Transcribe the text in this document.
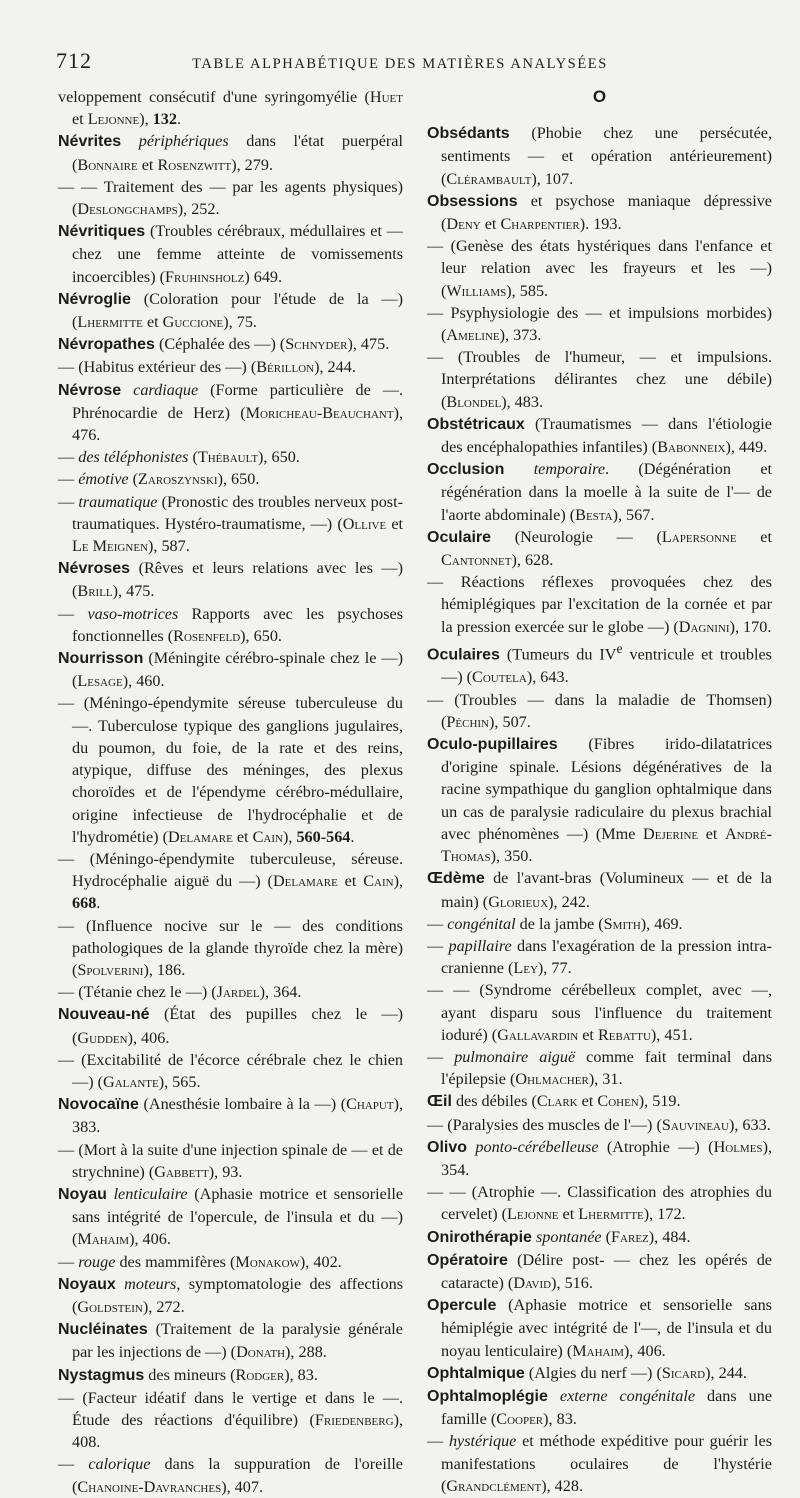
712	TABLE ALPHABÉTIQUE DES MATIÈRES ANALYSÉES

veloppement consécutif d'une syringomyélie (Huet et Lejonne), 132.

Névrites périphériques dans l'état puerpéral (Bonnaire et Rosenzwitt), 279.

— — Traitement des — par les agents physiques) (Deslongchamps), 252.

Névritiques (Troubles cérébraux, médullaires et — chez une femme atteinte de vomissements incoercibles) (Fruhinsholz) 649.

Névroglie (Coloration pour l'étude de la —) (Lhermitte et Guccione), 75.

Névropathes (Céphalée des —) (Schnyder), 475.

— (Habitus extérieur des —) (Bérillon), 244.

Névrose cardiaque (Forme particulière de —. Phrénocardie de Herz) (Moricheau-Beauchant), 476.

— des téléphonistes (Thébault), 650.

— émotive (Zaroszynski), 650.

— traumatique (Pronostic des troubles nerveux post-traumatiques. Hystéro-traumatisme, —) (Ollive et Le Meignen), 587.

Névroses (Rêves et leurs relations avec les —) (Brill), 475.

— vaso-motrices Rapports avec les psychoses fonctionnelles (Rosenfeld), 650.

Nourrisson (Méningite cérébro-spinale chez le —) (Lesage), 460.

— (Méningo-épendymite séreuse tuberculeuse du —. Tuberculose typique des ganglions jugulaires, du poumon, du foie, de la rate et des reins, atypique, diffuse des méninges, des plexus choroïdes et de l'épendyme cérébro-médullaire, origine infectieuse de l'hydrocéphalie et de l'hydrométie) (Delamare et Cain), 560-564.

— (Méningo-épendymite tuberculeuse, séreuse. Hydrocéphalie aiguë du —) (Delamare et Cain), 668.

— (Influence nocive sur le — des conditions pathologiques de la glande thyroïde chez la mère) (Spolverini), 186.

— (Tétanie chez le —) (Jardel), 364.

Nouveau-né (État des pupilles chez le —) (Gudden), 406.

— (Excitabilité de l'écorce cérébrale chez le chien —) (Galante), 565.

Novocaïne (Anesthésie lombaire à la —) (Chaput), 383.

— (Mort à la suite d'une injection spinale de — et de strychnine) (Gabbett), 93.

Noyau lenticulaire (Aphasie motrice et sensorielle sans intégrité de l'opercule, de l'insula et du —) (Mahaim), 406.

— rouge des mammifères (Monakow), 402.

Noyaux moteurs, symptomatologie des affections (Goldstein), 272.

Nucléinates (Traitement de la paralysie générale par les injections de —) (Donath), 288.

Nystagmus des mineurs (Rodger), 83.

— (Facteur idéatif dans le vertige et dans le —. Étude des réactions d'équilibre) (Friedenberg), 408.

— calorique dans la suppuration de l'oreille (Chanoine-Davranches), 407.

O

Obsédants (Phobie chez une persécutée, sentiments — et opération antérieurement) (Clérambault), 107.

Obsessions et psychose maniaque dépressive (Deny et Charpentier). 193.

— (Genèse des états hystériques dans l'enfance et leur relation avec les frayeurs et les —) (Williams), 585.

— Psyphysiologie des — et impulsions morbides) (Ameline), 373.

— (Troubles de l'humeur, — et impulsions. Interprétations délirantes chez une débile) (Blondel), 483.

Obstétricaux (Traumatismes — dans l'étiologie des encéphalopathies infantiles) (Babonneix), 449.

Occlusion temporaire. (Dégénération et régénération dans la moelle à la suite de l'— de l'aorte abdominale) (Besta), 567.

Oculaire (Neurologie — (Lapersonne et Cantonnet), 628.

— Réactions réflexes provoquées chez des hémiplégiques par l'excitation de la cornée et par la pression exercée sur le globe —) (Dagnini), 170.

Oculaires (Tumeurs du IVe ventricule et troubles —) (Coutela), 643.

— (Troubles — dans la maladie de Thomsen) (Péchin), 507.

Oculo-pupillaires (Fibres irido-dilatatrices d'origine spinale. Lésions dégénératives de la racine sympathique du ganglion ophtalmique dans un cas de paralysie radiculaire du plexus brachial avec phénomènes —) (Mme Dejerine et André-Thomas), 350.

Œdème de l'avant-bras (Volumineux — et de la main) (Glorieux), 242.

— congénital de la jambe (Smith), 469.

— papillaire dans l'exagération de la pression intra-cranienne (Ley), 77.

— — (Syndrome cérébelleux complet, avec —, ayant disparu sous l'influence du traitement ioduré) (Gallavardin et Rebattu), 451.

— pulmonaire aiguë comme fait terminal dans l'épilepsie (Ohlmacher), 31.

Œil des débiles (Clark et Cohen), 519.

— (Paralysies des muscles de l'—) (Sauvineau), 633.

Olivo ponto-cérébelleuse (Atrophie —) (Holmes), 354.

— — (Atrophie —. Classification des atrophies du cervelet) (Lejonne et Lhermitte), 172.

Onirothérapie spontanée (Farez), 484.

Opératoire (Délire post- — chez les opérés de cataracte) (David), 516.

Opercule (Aphasie motrice et sensorielle sans hémiplégie avec intégrité de l'—, de l'insula et du noyau lenticulaire) (Mahaim), 406.

Ophtalmique (Algies du nerf —) (Sicard), 244.

Ophtalmoplégie externe congénitale dans une famille (Cooper), 83.

— hystérique et méthode expéditive pour guérir les manifestations oculaires de l'hystérie (Grandclément), 428.
